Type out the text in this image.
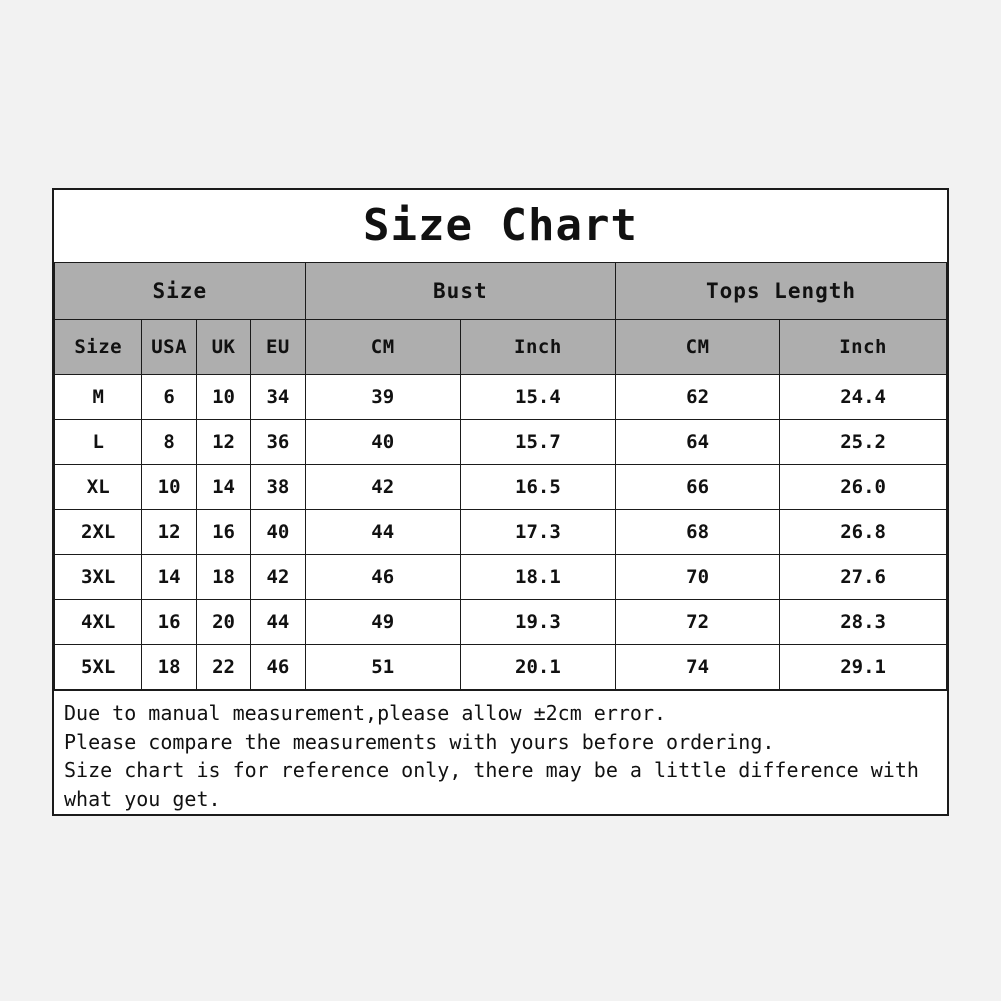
Size Chart
Size				Bust		Tops Length	
Size	USA	UK	EU	CM	Inch	CM	Inch
M	6	10	34	39	15.4	62	24.4
L	8	12	36	40	15.7	64	25.2
XL	10	14	38	42	16.5	66	26.0
2XL	12	16	40	44	17.3	68	26.8
3XL	14	18	42	46	18.1	70	27.6
4XL	16	20	44	49	19.3	72	28.3
5XL	18	22	46	51	20.1	74	29.1
Due to manual measurement,please allow ±2cm error.
Please compare the measurements with yours before ordering.
Size chart is for reference only, there may be a little difference with
what you get.
